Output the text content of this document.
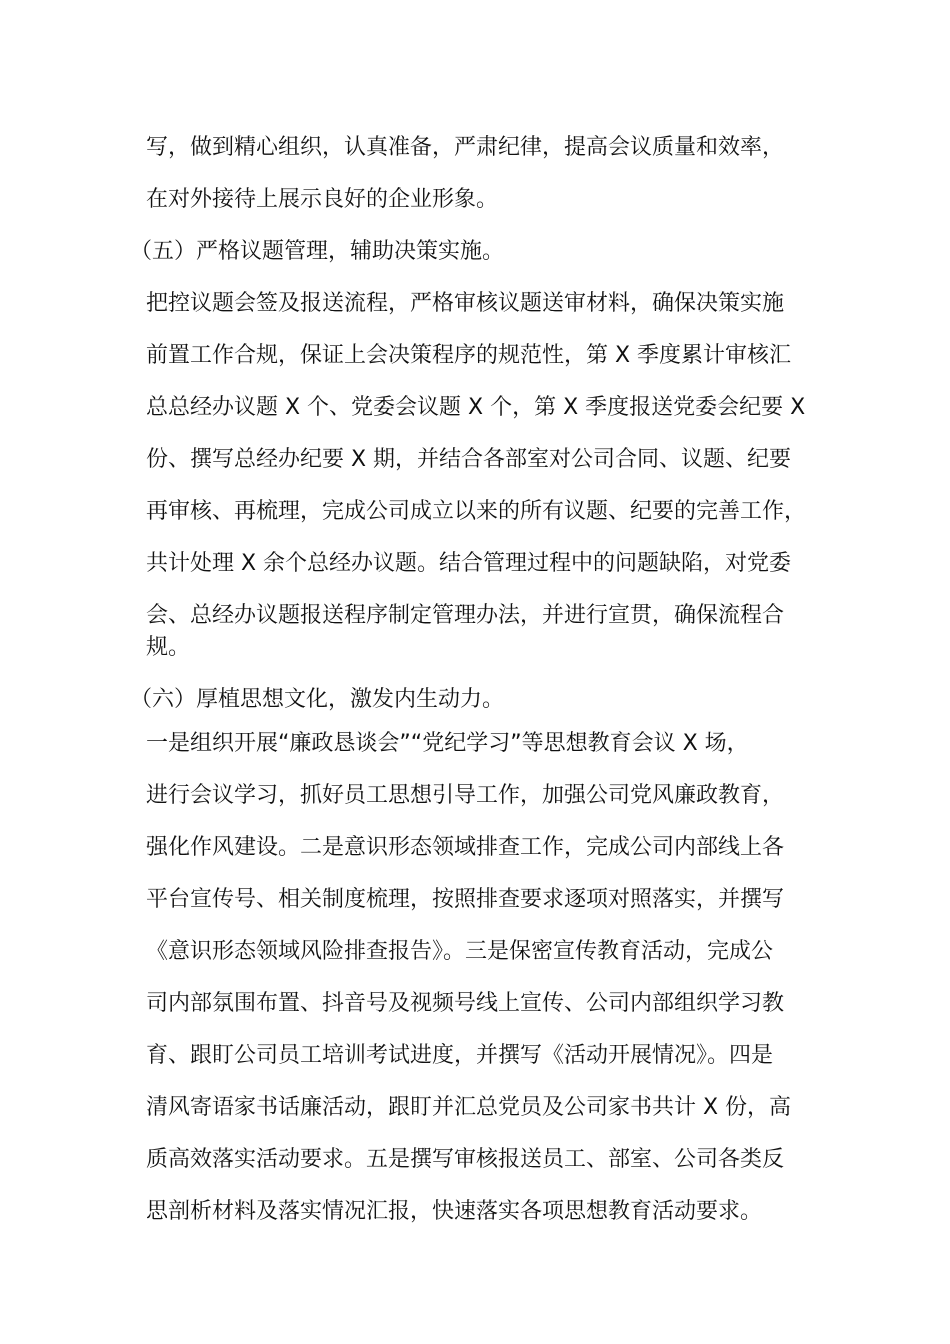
写，做到精心组织，认真准备，严肃纪律，提高会议质量和效率，
在对外接待上展示良好的企业形象。
（五）严格议题管理，辅助决策实施。
把控议题会签及报送流程，严格审核议题送审材料，确保决策实施
前置工作合规，保证上会决策程序的规范性，第 X 季度累计审核汇
总总经办议题 X 个、党委会议题 X 个，第 X 季度报送党委会纪要 X
份、撰写总经办纪要 X 期，并结合各部室对公司合同、议题、纪要
再审核、再梳理，完成公司成立以来的所有议题、纪要的完善工作，
共计处理 X 余个总经办议题。结合管理过程中的问题缺陷，对党委
会、总经办议题报送程序制定管理办法，并进行宣贯，确保流程合
规。
（六）厚植思想文化，激发内生动力。
一是组织开展“廉政恳谈会”“党纪学习”等思想教育会议 X 场，
进行会议学习，抓好员工思想引导工作，加强公司党风廉政教育，
强化作风建设。二是意识形态领域排查工作，完成公司内部线上各
平台宣传号、相关制度梳理，按照排查要求逐项对照落实，并撰写
《意识形态领域风险排查报告》。三是保密宣传教育活动，完成公
司内部氛围布置、抖音号及视频号线上宣传、公司内部组织学习教
育、跟盯公司员工培训考试进度，并撰写《活动开展情况》。四是
清风寄语家书话廉活动，跟盯并汇总党员及公司家书共计 X 份，高
质高效落实活动要求。五是撰写审核报送员工、部室、公司各类反
思剖析材料及落实情况汇报，快速落实各项思想教育活动要求。
